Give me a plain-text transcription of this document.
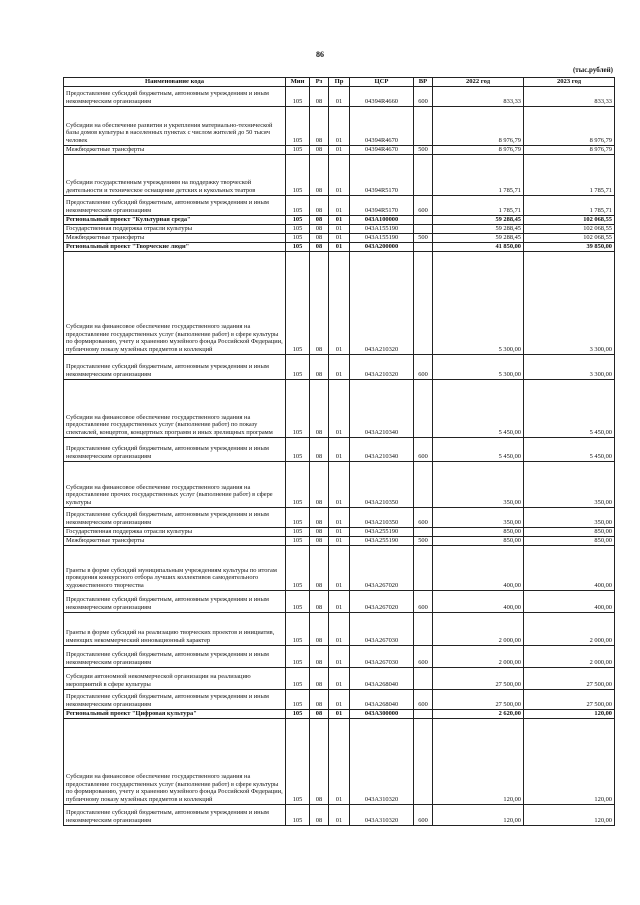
86
(тыс.рублей)
Наименование кода	Мин	Рз	Пр	ЦСР	ВР	2022 год	2023 год
Предоставление субсидий бюджетным, автономным учреждениям и иным некоммерческим организациям	105	08	01	04394R4660	600	833,33	833,33
Субсидии на обеспечение развития и укрепления материально-технической базы домов культуры в населенных пунктах с числом жителей до 50 тысяч человек	105	08	01	04394R4670		8 976,79	8 976,79
Межбюджетные трансферты	105	08	01	04394R4670	500	8 976,79	8 976,79
Субсидии государственным учреждениям на поддержку творческой деятельности и техническое оснащение детских и кукольных театров	105	08	01	04394R5170		1 785,71	1 785,71
Предоставление субсидий бюджетным, автономным учреждениям и иным некоммерческим организациям	105	08	01	04394R5170	600	1 785,71	1 785,71
Региональный проект "Культурная среда"	105	08	01	043A100000		59 288,45	102 068,55
Государственная поддержка отрасли культуры	105	08	01	043A155190		59 288,45	102 068,55
Межбюджетные трансферты	105	08	01	043A155190	500	59 288,45	102 068,55
Региональный проект "Творческие люди"	105	08	01	043A200000		41 850,00	39 850,00
Субсидии на финансовое обеспечение государственного задания на предоставление государственных услуг (выполнение работ) в сфере культуры по формированию, учету и хранению музейного фонда Российской Федерации, публичному показу музейных предметов и коллекций	105	08	01	043A210320		5 300,00	3 300,00
Предоставление субсидий бюджетным, автономным учреждениям и иным некоммерческим организациям	105	08	01	043A210320	600	5 300,00	3 300,00
Субсидии на финансовое обеспечение государственного задания на предоставление государственных услуг (выполнение работ) по показу спектаклей, концертов, концертных программ и иных зрелищных программ	105	08	01	043A210340		5 450,00	5 450,00
Предоставление субсидий бюджетным, автономным учреждениям и иным некоммерческим организациям	105	08	01	043A210340	600	5 450,00	5 450,00
Субсидии на финансовое обеспечение государственного задания на предоставление прочих государственных услуг (выполнение работ) в сфере культуры	105	08	01	043A210350		350,00	350,00
Предоставление субсидий бюджетным, автономным учреждениям и иным некоммерческим организациям	105	08	01	043A210350	600	350,00	350,00
Государственная поддержка отрасли культуры	105	08	01	043A255190		850,00	850,00
Межбюджетные трансферты	105	08	01	043A255190	500	850,00	850,00
Гранты в форме субсидий муниципальным учреждениям культуры по итогам проведения конкурсного отбора лучших коллективов самодеятельного художественного творчества	105	08	01	043A267020		400,00	400,00
Предоставление субсидий бюджетным, автономным учреждениям и иным некоммерческим организациям	105	08	01	043A267020	600	400,00	400,00
Гранты в форме субсидий на реализацию творческих проектов и инициатив, имеющих некоммерческий инновационный характер	105	08	01	043A267030		2 000,00	2 000,00
Предоставление субсидий бюджетным, автономным учреждениям и иным некоммерческим организациям	105	08	01	043A267030	600	2 000,00	2 000,00
Субсидии автономной некоммерческой организации на реализацию мероприятий в сфере культуры	105	08	01	043A268040		27 500,00	27 500,00
Предоставление субсидий бюджетным, автономным учреждениям и иным некоммерческим организациям	105	08	01	043A268040	600	27 500,00	27 500,00
Региональный проект "Цифровая культура"	105	08	01	043A300000		2 620,00	120,00
Субсидии на финансовое обеспечение государственного задания на предоставление государственных услуг (выполнение работ) в сфере культуры по формированию, учету и хранению музейного фонда Российской Федерации, публичному показу музейных предметов и коллекций	105	08	01	043A310320		120,00	120,00
Предоставление субсидий бюджетным, автономным учреждениям и иным некоммерческим организациям	105	08	01	043A310320	600	120,00	120,00
